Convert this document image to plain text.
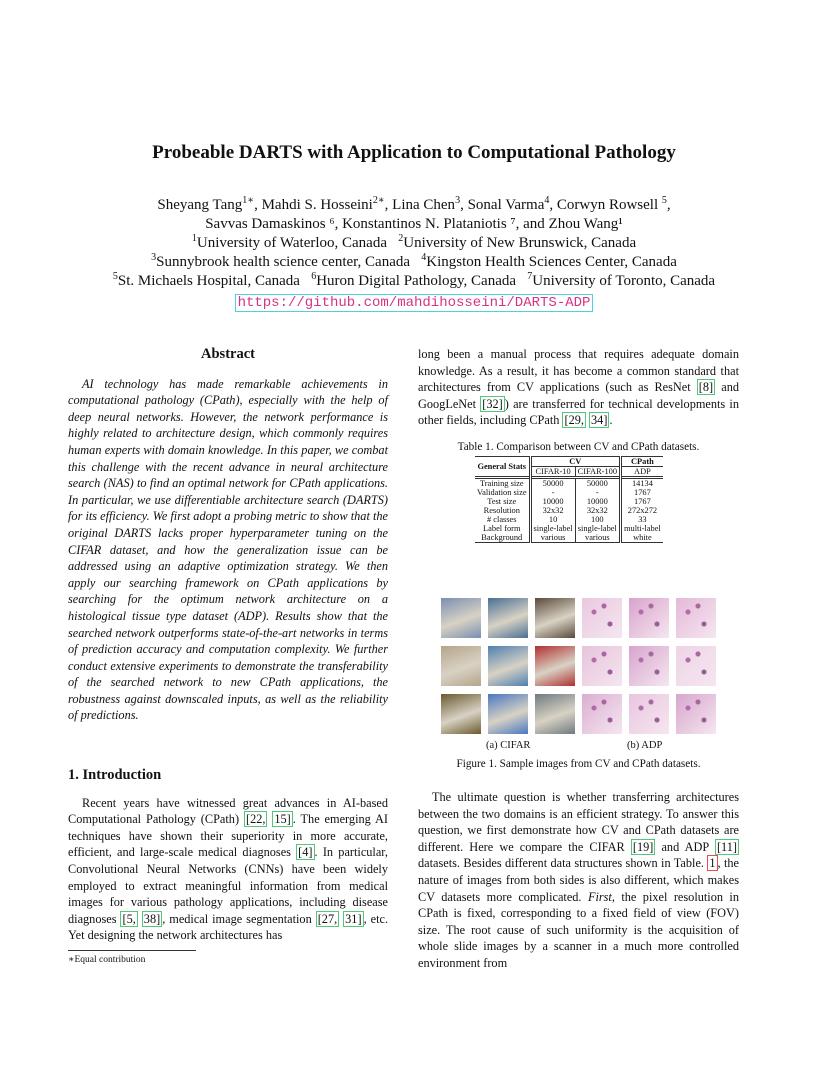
Probeable DARTS with Application to Computational Pathology
Sheyang Tang$^{1∗}$, Mahdi S. Hosseini$^{2∗}$, Lina Chen$^3$, Sonal Varma$^4$, Corwyn Rowsell $^5$,
Savvas Damaskinos ⁶, Konstantinos N. Plataniotis ⁷, and Zhou Wang¹
$^1$University of Waterloo, Canada   $^2$University of New Brunswick, Canada
$^3$Sunnybrook health science center, Canada   $^4$Kingston Health Sciences Center, Canada
$^5$St. Michaels Hospital, Canada   $^6$Huron Digital Pathology, Canada   $^7$University of Toronto, Canada
https://github.com/mahdihosseini/DARTS-ADP
Abstract

AI technology has made remarkable achievements in computational pathology (CPath), especially with the help of deep neural networks. However, the network performance is highly related to architecture design, which commonly requires human experts with domain knowledge. In this paper, we combat this challenge with the recent advance in neural architecture search (NAS) to find an optimal network for CPath applications. In particular, we use differentiable architecture search (DARTS) for its efficiency. We first adopt a probing metric to show that the original DARTS lacks proper hyperparameter tuning on the CIFAR dataset, and how the generalization issue can be addressed using an adaptive optimization strategy. We then apply our searching framework on CPath applications by searching for the optimum network architecture on a histological tissue type dataset (ADP). Results show that the searched network outperforms state-of-the-art networks in terms of prediction accuracy and computation complexity. We further conduct extensive experiments to demonstrate the transferability of the searched network to new CPath applications, the robustness against downscaled inputs, as well as the reliability of predictions.

1. Introduction

Recent years have witnessed great advances in AI-based Computational Pathology (CPath) [22, 15] . The emerging AI techniques have shown their superiority in more accurate, efficient, and large-scale medical diagnoses [4] . In particular, Convolutional Neural Networks (CNNs) have been widely employed to extract meaningful information from medical images for various pathology applications, including disease diagnoses [5, 38] , medical image segmentation [27, 31] , etc. Yet designing the network architectures has

∗Equal contribution

long been a manual process that requires adequate domain knowledge. As a result, it has become a common standard that architectures from CV applications (such as ResNet [8] and GoogLeNet [32] ) are transferred for technical developments in other fields, including CPath [29, 34] .

Table 1. Comparison between CV and CPath datasets.
General Stats	CV		CPath
	CIFAR-10	CIFAR-100	ADP
Training size	50000	50000	14134
Validation size	-	-	1767
Test size	10000	10000	1767
Resolution	32x32	32x32	272x272
# classes	10	100	33
Label form	single-label	single-label	multi-label
Background	various	various	white
(a) CIFAR	(b) ADP
Figure 1. Sample images from CV and CPath datasets.

The ultimate question is whether transferring architectures between the two domains is an efficient strategy. To answer this question, we first demonstrate how CV and CPath datasets are different. Here we compare the CIFAR [19] and ADP [11] datasets. Besides different data structures shown in Table. 1 , the nature of images from both sides is also different, which makes CV datasets more complicated. First, the pixel resolution in CPath is fixed, corresponding to a fixed field of view (FOV) size. The root cause of such uniformity is the acquisition of whole slide images by a scanner in a much more controlled environment from
